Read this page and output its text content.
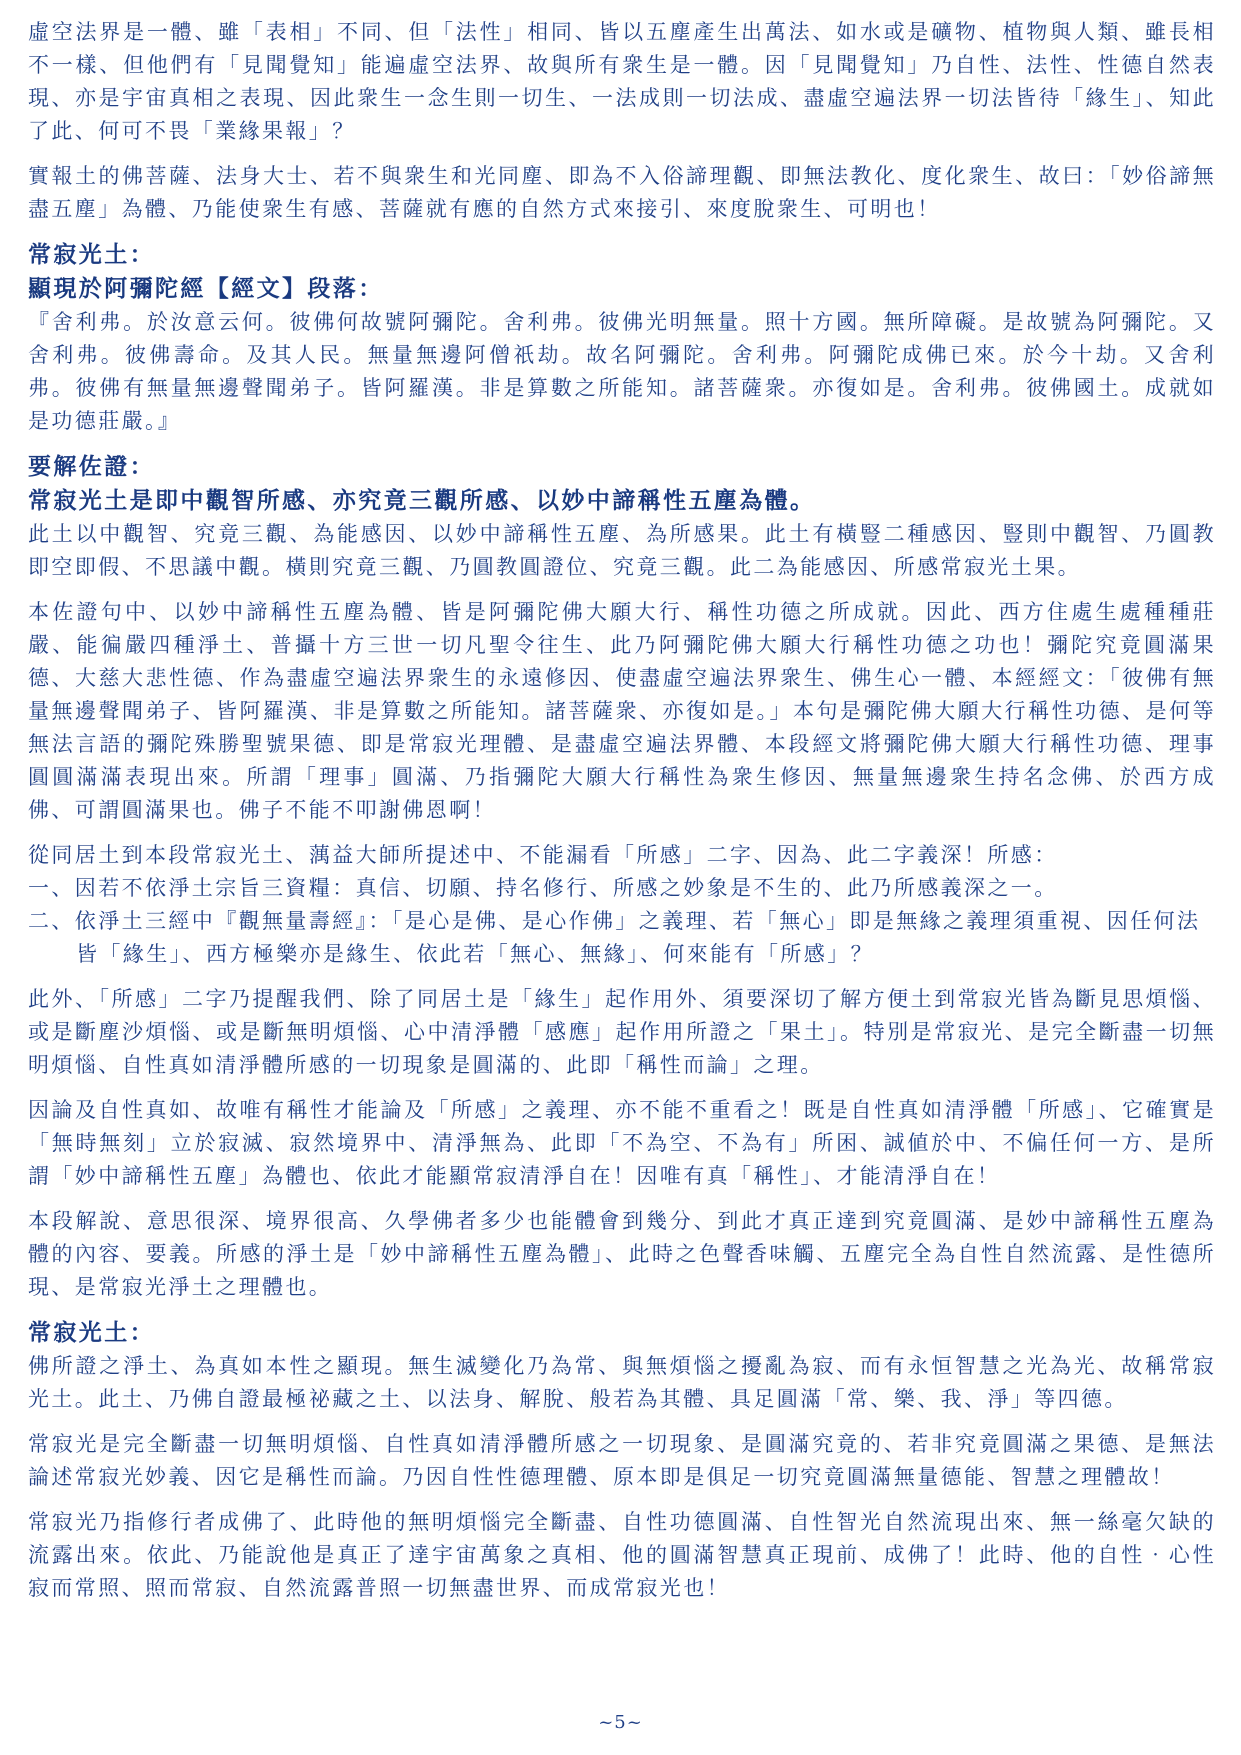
虛空法界是一體、雖「表相」不同、但「法性」相同、皆以五塵產生出萬法、如水或是礦物、植物與人類、雖長相不一樣、但他們有「見聞覺知」能遍虛空法界、故與所有衆生是一體。因「見聞覺知」乃自性、法性、性德自然表現、亦是宇宙真相之表現、因此衆生一念生則一切生、一法成則一切法成、盡虛空遍法界一切法皆待「緣生」、知此了此、何可不畏「業緣果報」？

實報土的佛菩薩、法身大士、若不與衆生和光同塵、即為不入俗諦理觀、即無法教化、度化衆生、故曰：「妙俗諦無盡五塵」為體、乃能使衆生有感、菩薩就有應的自然方式來接引、來度脫衆生、可明也！

常寂光土：

顯現於阿彌陀經【經文】段落：

『舍利弗。於汝意云何。彼佛何故號阿彌陀。舍利弗。彼佛光明無量。照十方國。無所障礙。是故號為阿彌陀。又舍利弗。彼佛壽命。及其人民。無量無邊阿僧祇劫。故名阿彌陀。舍利弗。阿彌陀成佛已來。於今十劫。又舍利弗。彼佛有無量無邊聲聞弟子。皆阿羅漢。非是算數之所能知。諸菩薩衆。亦復如是。舍利弗。彼佛國土。成就如是功德莊嚴。』

要解佐證：

常寂光土是即中觀智所感、亦究竟三觀所感、以妙中諦稱性五塵為體。

此土以中觀智、究竟三觀、為能感因、以妙中諦稱性五塵、為所感果。此土有橫豎二種感因、豎則中觀智、乃圓教即空即假、不思議中觀。橫則究竟三觀、乃圓教圓證位、究竟三觀。此二為能感因、所感常寂光土果。

本佐證句中、以妙中諦稱性五塵為體、皆是阿彌陀佛大願大行、稱性功德之所成就。因此、西方住處生處種種莊嚴、能徧嚴四種淨土、普攝十方三世一切凡聖令往生、此乃阿彌陀佛大願大行稱性功德之功也！彌陀究竟圓滿果德、大慈大悲性德、作為盡虛空遍法界衆生的永遠修因、使盡虛空遍法界衆生、佛生心一體、本經經文：「彼佛有無量無邊聲聞弟子、皆阿羅漢、非是算數之所能知。諸菩薩衆、亦復如是。」本句是彌陀佛大願大行稱性功德、是何等無法言語的彌陀殊勝聖號果德、即是常寂光理體、是盡虛空遍法界體、本段經文將彌陀佛大願大行稱性功德、理事圓圓滿滿表現出來。所謂「理事」圓滿、乃指彌陀大願大行稱性為衆生修因、無量無邊衆生持名念佛、於西方成佛、可謂圓滿果也。佛子不能不叩謝佛恩啊！

從同居土到本段常寂光土、蕅益大師所提述中、不能漏看「所感」二字、因為、此二字義深！所感：
一、因若不依淨土宗旨三資糧：真信、切願、持名修行、所感之妙象是不生的、此乃所感義深之一。
二、依淨土三經中『觀無量壽經』：「是心是佛、是心作佛」之義理、若「無心」即是無緣之義理須重視、因任何法皆「緣生」、西方極樂亦是緣生、依此若「無心、無緣」、何來能有「所感」？

此外、「所感」二字乃提醒我們、除了同居土是「緣生」起作用外、須要深切了解方便土到常寂光皆為斷見思煩惱、或是斷塵沙煩惱、或是斷無明煩惱、心中清淨體「感應」起作用所證之「果土」。特別是常寂光、是完全斷盡一切無明煩惱、自性真如清淨體所感的一切現象是圓滿的、此即「稱性而論」之理。

因論及自性真如、故唯有稱性才能論及「所感」之義理、亦不能不重看之！既是自性真如清淨體「所感」、它確實是「無時無刻」立於寂滅、寂然境界中、清淨無為、此即「不為空、不為有」所困、誠値於中、不偏任何一方、是所謂「妙中諦稱性五塵」為體也、依此才能顯常寂清淨自在！因唯有真「稱性」、才能清淨自在！

本段解說、意思很深、境界很高、久學佛者多少也能體會到幾分、到此才真正達到究竟圓滿、是妙中諦稱性五塵為體的內容、要義。所感的淨土是「妙中諦稱性五塵為體」、此時之色聲香味觸、五塵完全為自性自然流露、是性德所現、是常寂光淨土之理體也。

常寂光土：

佛所證之淨土、為真如本性之顯現。無生滅變化乃為常、與無煩惱之擾亂為寂、而有永恒智慧之光為光、故稱常寂光土。此土、乃佛自證最極祕藏之土、以法身、解脫、般若為其體、具足圓滿「常、樂、我、淨」等四德。

常寂光是完全斷盡一切無明煩惱、自性真如清淨體所感之一切現象、是圓滿究竟的、若非究竟圓滿之果德、是無法論述常寂光妙義、因它是稱性而論。乃因自性性德理體、原本即是俱足一切究竟圓滿無量德能、智慧之理體故！

常寂光乃指修行者成佛了、此時他的無明煩惱完全斷盡、自性功德圓滿、自性智光自然流現出來、無一絲毫欠缺的流露出來。依此、乃能說他是真正了達宇宙萬象之真相、他的圓滿智慧真正現前、成佛了！此時、他的自性‧心性寂而常照、照而常寂、自然流露普照一切無盡世界、而成常寂光也！

~5~
